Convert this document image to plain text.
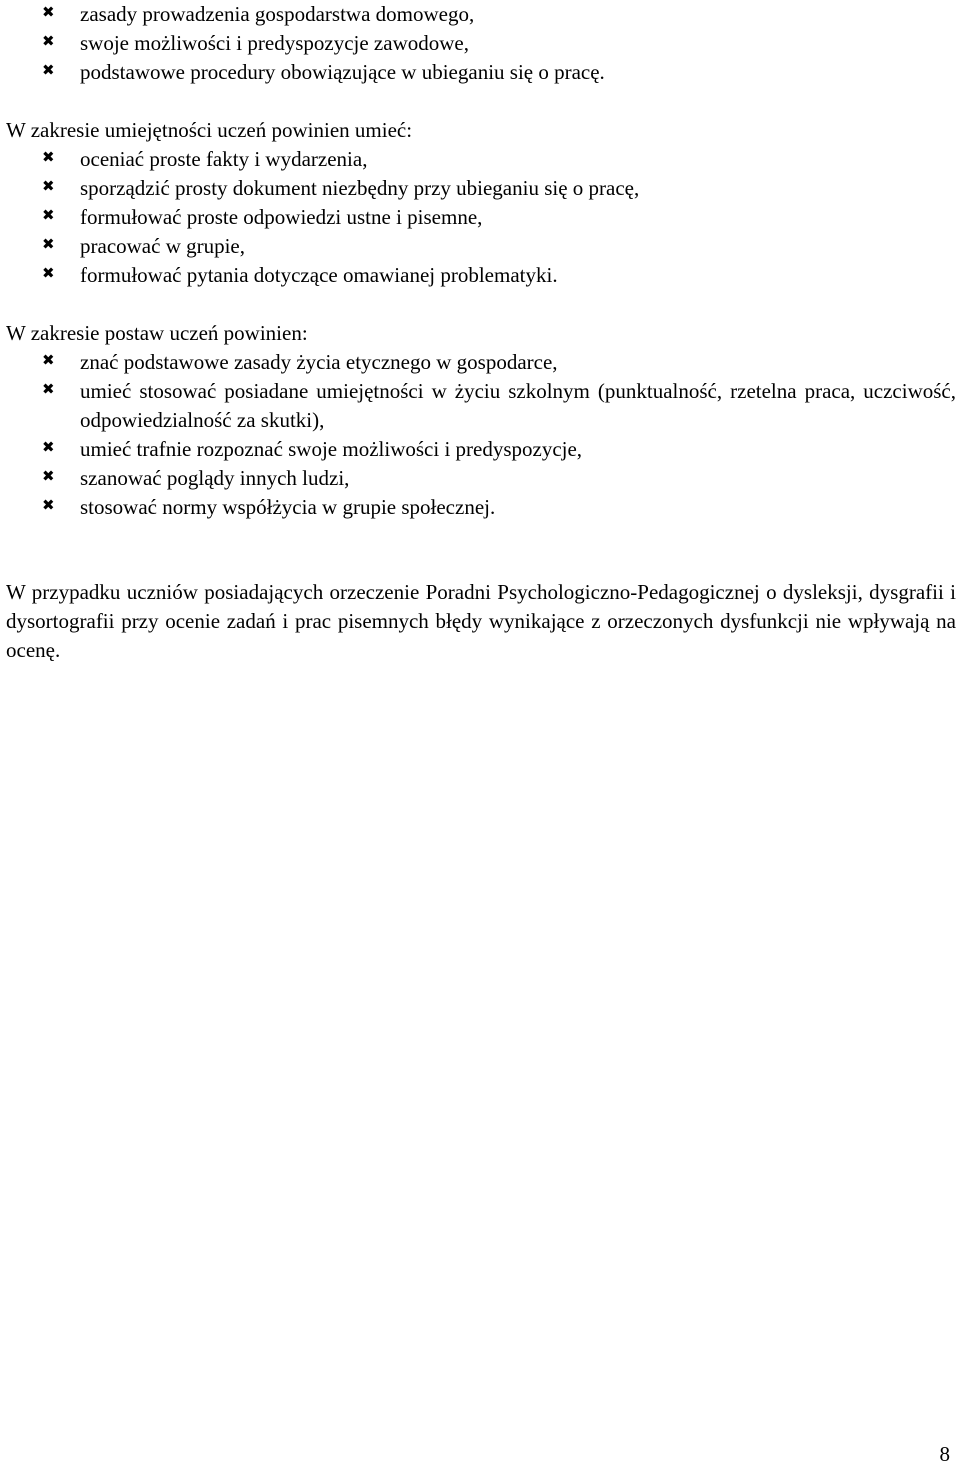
✖ zasady prowadzenia gospodarstwa domowego,
✖ swoje możliwości i predyspozycje zawodowe,
✖ podstawowe procedury obowiązujące w ubieganiu się o pracę.

W zakresie umiejętności uczeń powinien umieć:

✖ oceniać proste fakty i wydarzenia,
✖ sporządzić prosty dokument niezbędny przy ubieganiu się o pracę,
✖ formułować proste odpowiedzi ustne i pisemne,
✖ pracować w grupie,
✖ formułować pytania dotyczące omawianej problematyki.

W zakresie postaw uczeń powinien:

✖ znać podstawowe zasady życia etycznego w gospodarce,
✖ umieć stosować posiadane umiejętności w życiu szkolnym (punktualność, rzetelna praca, uczciwość, odpowiedzialność za skutki),
✖ umieć trafnie rozpoznać swoje możliwości i predyspozycje,
✖ szanować poglądy innych ludzi,
✖ stosować normy współżycia w grupie społecznej.

W przypadku uczniów posiadających orzeczenie Poradni Psychologiczno-Pedagogicznej o dysleksji, dysgrafii i dysortografii przy ocenie zadań i prac pisemnych błędy wynikające z orzeczonych dysfunkcji nie wpływają na ocenę.

8
